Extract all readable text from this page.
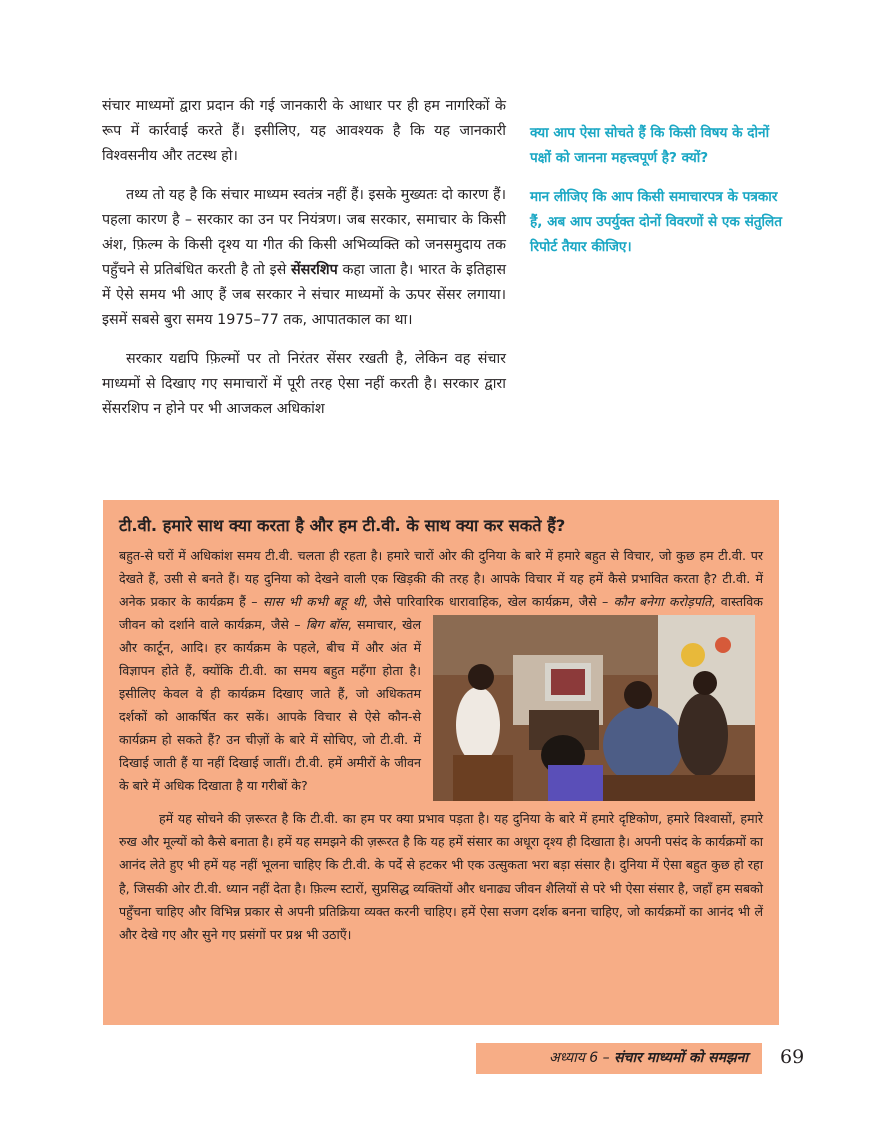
संचार माध्यमों द्वारा प्रदान की गई जानकारी के आधार पर ही हम नागरिकों के रूप में कार्रवाई करते हैं। इसीलिए, यह आवश्यक है कि यह जानकारी विश्वसनीय और तटस्थ हो।

तथ्य तो यह है कि संचार माध्यम स्वतंत्र नहीं हैं। इसके मुख्यतः दो कारण हैं। पहला कारण है – सरकार का उन पर नियंत्रण। जब सरकार, समाचार के किसी अंश, फ़िल्म के किसी दृश्य या गीत की किसी अभिव्यक्ति को जनसमुदाय तक पहुँचने से प्रतिबंधित करती है तो इसे सेंसरशिप कहा जाता है। भारत के इतिहास में ऐसे समय भी आए हैं जब सरकार ने संचार माध्यमों के ऊपर सेंसर लगाया। इसमें सबसे बुरा समय 1975–77 तक, आपातकाल का था।

सरकार यद्यपि फ़िल्मों पर तो निरंतर सेंसर रखती है, लेकिन वह संचार माध्यमों से दिखाए गए समाचारों में पूरी तरह ऐसा नहीं करती है। सरकार द्वारा सेंसरशिप न होने पर भी आजकल अधिकांश

क्या आप ऐसा सोचते हैं कि किसी विषय के दोनों पक्षों को जानना महत्त्वपूर्ण है? क्यों?

मान लीजिए कि आप किसी समाचारपत्र के पत्रकार हैं, अब आप उपर्युक्त दोनों विवरणों से एक संतुलित रिपोर्ट तैयार कीजिए।

टी.वी. हमारे साथ क्या करता है और हम टी.वी. के साथ क्या कर सकते हैं?
बहुत-से घरों में अधिकांश समय टी.वी. चलता ही रहता है। हमारे चारों ओर की दुनिया के बारे में हमारे बहुत से विचार, जो कुछ हम टी.वी. पर देखते हैं, उसी से बनते हैं। यह दुनिया को देखने वाली एक खिड़की की तरह है। आपके विचार में यह हमें कैसे प्रभावित करता है? टी.वी. में अनेक प्रकार के कार्यक्रम हैं – सास भी कभी बहू थी, जैसे पारिवारिक धारावाहिक, खेल कार्यक्रम, जैसे – कौन बनेगा करोड़पति, वास्तविक जीवन को दर्शाने वाले कार्यक्रम, जैसे – बिग बॉस
, समाचार, खेल और कार्टून, आदि। हर कार्यक्रम के पहले, बीच में और अंत में विज्ञापन होते हैं, क्योंकि टी.वी. का समय बहुत महँगा होता है। इसीलिए केवल वे ही कार्यक्रम दिखाए जाते हैं, जो अधिकतम दर्शकों को आकर्षित कर सकें। आपके विचार से ऐसे कौन-से कार्यक्रम हो सकते हैं? उन चीज़ों के बारे में सोचिए, जो टी.वी. में दिखाई जाती हैं या नहीं दिखाई जातीं। टी.वी. हमें अमीरों के जीवन के बारे में अधिक दिखाता है या गरीबों के?
हमें यह सोचने की ज़रूरत है कि टी.वी. का हम पर क्या प्रभाव पड़ता है। यह दुनिया के बारे में हमारे दृष्टिकोण, हमारे विश्वासों, हमारे रुख और मूल्यों को कैसे बनाता है। हमें यह समझने की ज़रूरत है कि यह हमें संसार का अधूरा दृश्य ही दिखाता है। अपनी पसंद के कार्यक्रमों का आनंद लेते हुए भी हमें यह नहीं भूलना चाहिए कि टी.वी. के पर्दे से हटकर भी एक उत्सुकता भरा बड़ा संसार है। दुनिया में ऐसा बहुत कुछ हो रहा है, जिसकी ओर टी.वी. ध्यान नहीं देता है। फ़िल्म स्टारों, सुप्रसिद्ध व्यक्तियों और धनाढ्य जीवन शैलियों से परे भी ऐसा संसार है, जहाँ हम सबको पहुँचना चाहिए और विभिन्न प्रकार से अपनी प्रतिक्रिया व्यक्त करनी चाहिए। हमें ऐसा सजग दर्शक बनना चाहिए, जो कार्यक्रमों का आनंद भी लें और देखे गए और सुने गए प्रसंगों पर प्रश्न भी उठाएँ।
अध्याय 6 – संचार माध्यमों को समझना	69
